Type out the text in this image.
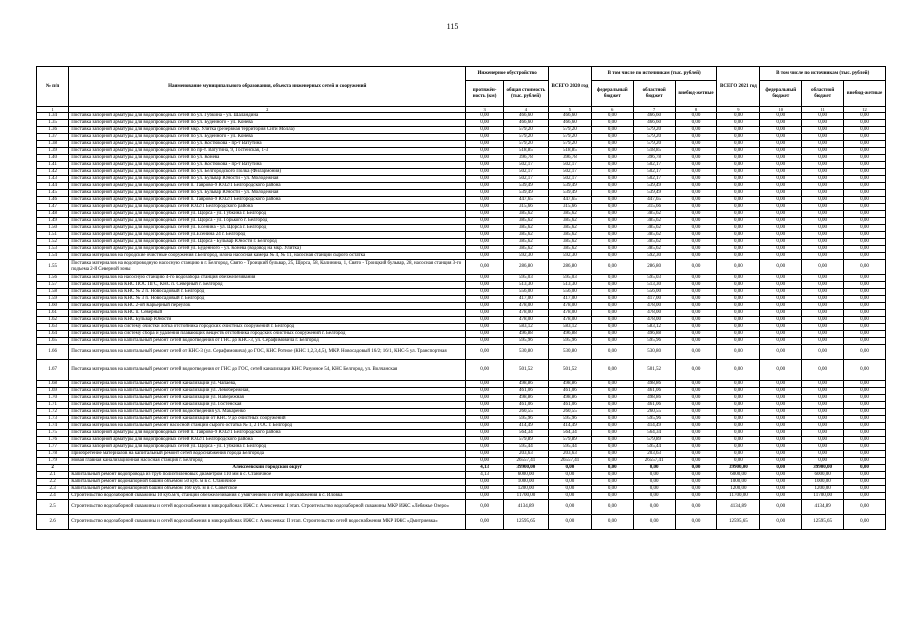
115
№ п/п	Наименование муниципального образования, объекта инженерных сетей и сооружений	Инженерное обустройство		ВСЕГО 2020 год	В том числе по источникам (тыс. рублей)			ВСЕГО 2021 год	В том числе по источникам (тыс. рублей)		
		протяжён-ность (км)	общая стоимость (тыс. рублей)		федеральный бюджет	областной бюджет	внебюд-жетные		федеральный бюджет	областной бюджет	внебюд-жетные
1	2	3	4	5	6	7	8	9	10	11	12
1.34	Поставка запорной арматуры для водопроводных сетей по ул. Губкина - ул. Шаландина	0,00	466,60	466,60	0,00	466,60	0,00	0,00	0,00	0,00	0,00
1.35	Поставка запорной арматуры для водопроводных сетей по ул. Буденного - ул. Конева	0,00	466,60	466,60	0,00	466,60	0,00	0,00	0,00	0,00	0,00
1.36	Поставка запорной арматуры для водопроводных сетей мкр. Улитка (резервная территория Сити Молла)	0,00	579,20	579,20	0,00	579,20	0,00	0,00	0,00	0,00	0,00
1.37	Поставка запорной арматуры для водопроводных сетей по ул. Буденного - ул. Конева	0,00	579,20	579,20	0,00	579,20	0,00	0,00	0,00	0,00	0,00
1.38	Поставка запорной арматуры для водопроводных сетей по ул. Костюкова - пр-т Ватутина	0,00	579,20	579,20	0,00	579,20	0,00	0,00	0,00	0,00	0,00
1.39	Поставка запорной арматуры для водопроводных сетей по пр-т. Ватутина, 9, Гостенская, 1-3	0,00	518,85	518,85	0,00	518,85	0,00	0,00	0,00	0,00	0,00
1.40	Поставка запорной арматуры для водопроводных сетей по ул. Конева	0,00	396,78	396,78	0,00	396,78	0,00	0,00	0,00	0,00	0,00
1.41	Поставка запорной арматуры для водопроводных сетей по ул. Костюкова - пр-т Ватутина	0,00	502,17	502,17	0,00	502,17	0,00	0,00	0,00	0,00	0,00
1.42	Поставка запорной арматуры для водопроводных сетей по ул. Белгородского Полка (Филармония)	0,00	502,17	502,17	0,00	502,17	0,00	0,00	0,00	0,00	0,00
1.43	Поставка запорной арматуры для водопроводных сетей по ул. Бульвар Юности - ул. Молодежная	0,00	502,17	502,17	0,00	502,17	0,00	0,00	0,00	0,00	0,00
1.44	Поставка запорной арматуры для водопроводных сетей п. Таврово-9 ЮЗ2/1 Белгородского района	0,00	539,49	539,49	0,00	539,49	0,00	0,00	0,00	0,00	0,00
1.45	Поставка запорной арматуры для водопроводных сетей по ул. Бульвар Юности - ул. Молодежная	0,00	539,49	539,49	0,00	539,49	0,00	0,00	0,00	0,00	0,00
1.46	Поставка запорной арматуры для водопроводных сетей п. Таврово-9 ЮЗ2/1 Белгородского района	0,00	447,65	447,65	0,00	447,65	0,00	0,00	0,00	0,00	0,00
1.47	Поставка запорной арматуры для водопроводных сетей ЮЗ2/1 Белгородского района	0,00	315,66	315,66	0,00	315,66	0,00	0,00	0,00	0,00	0,00
1.48	Поставка запорной арматуры для водопроводных сетей ул. Щорса - ул. Губкина г. Белгород	0,00	385,62	385,62	0,00	385,62	0,00	0,00	0,00	0,00	0,00
1.49	Поставка запорной арматуры для водопроводных сетей ул. Щорса - ул. Горького г. Белгород	0,00	385,62	385,62	0,00	385,62	0,00	0,00	0,00	0,00	0,00
1.50	Поставка запорной арматуры для водопроводных сетей ул. Есенина - ул. Щорса г. Белгород	0,00	385,62	385,62	0,00	385,62	0,00	0,00	0,00	0,00	0,00
1.51	Поставка запорной арматуры для водопроводных сетей ул.Есенина 24 г. Белгород	0,00	385,62	385,62	0,00	385,62	0,00	0,00	0,00	0,00	0,00
1.52	Поставка запорной арматуры для водопроводных сетей ул. Щорса - Бульвар Юности г. Белгород	0,00	385,62	385,62	0,00	385,62	0,00	0,00	0,00	0,00	0,00
1.53	Поставка запорной арматуры для водопроводных сетей ул. Буденного - ул. Конева (водовод на мкр. Улитка)	0,00	385,62	385,62	0,00	385,62	0,00	0,00	0,00	0,00	0,00
1.54	Поставка материалов на городские очистные сооружения г.Белгород, илона насосная камера № 4, № 11, насосная станции сырого остатка	0,00	592,30	592,30	0,00	592,30	0,00	0,00	0,00	0,00	0,00
1.55	Поставка материалов на водопроводную насосную станцию в г. Белгород, Свято - Троицкий бульвар, 25, Щорса, 58, Калинина, 1, Свято - Троицкий бульвар, 28, насосная станция 3-го подъема 2-й Северной зоны	0,00	286,80	286,80	0,00	286,80	0,00	0,00	0,00	0,00	0,00
1.56	Поставка материалов на насосную станцию 4-го водозабора станция обезжелезивания	0,00	595,03	595,03	0,00	595,03	0,00	0,00	0,00	0,00	0,00
1.57	Поставка материалов на КНС ПОС ПГС, КНС п. Северный г. Белгород	0,00	513,30	513,30	0,00	513,30	0,00	0,00	0,00	0,00	0,00
1.58	Поставка материалов на КНС № 2 п. Новосадовый г. Белгород	0,00	556,00	556,00	0,00	556,00	0,00	0,00	0,00	0,00	0,00
1.59	Поставка материалов на КНС № 3 п. Новосадовый г. Белгород	0,00	417,00	417,00	0,00	417,00	0,00	0,00	0,00	0,00	0,00
1.60	Поставка материалов на КНС 2-ой Карьерный переулок	0,00	478,00	478,00	0,00	478,00	0,00	0,00	0,00	0,00	0,00
1.61	Поставка материалов на КНС п. Северный	0,00	478,00	478,00	0,00	478,00	0,00	0,00	0,00	0,00	0,00
1.62	Поставка материалов на КНС Бульвар Юности	0,00	478,00	478,00	0,00	478,00	0,00	0,00	0,00	0,00	0,00
1.63	Поставка материалов на систему очистки лотка отстойника городских очистных сооружений г. Белгород	0,00	583,12	583,12	0,00	583,12	0,00	0,00	0,00	0,00	0,00
1.64	Поставка материалов на систему сбора и удаления плавающих веществ отстойника городских очистных сооружений г. Белгород	0,00	496,88	496,88	0,00	496,88	0,00	0,00	0,00	0,00	0,00
1.65	Поставка материалов на капитальный ремонт сетей водоотведения от ГНС до КНС-3, ул. Серафимовича г. Белгород	0,00	595,96	595,96	0,00	595,96	0,00	0,00	0,00	0,00	0,00
1.66	Поставка материалов на капитальный ремонт сетей от КНС-3 (ул. Серафимовича) до ГОС, КНС Ротное (КНС 1,2,3,4,5), МКР. Новосадовый 16/2; 16/1, КНС-5 ул. Транспортная	0,00	530,80	530,80	0,00	530,80	0,00	0,00	0,00	0,00	0,00
1.67	Поставка материалов на капитальный ремонт сетей водоотведения от ГНС до ГОС, сетей канализации КНС Разумное 54, КНС Белгород, ул. Волчанская	0,00	501,52	501,52	0,00	501,52	0,00	0,00	0,00	0,00	0,00
1.68	Поставка материалов на капитальный ремонт сетей канализации ул. Чапаева,	0,00	498,86	498,86	0,00	498,86	0,00	0,00	0,00	0,00	0,00
1.69	Поставка материалов на капитальный ремонт сетей канализации ул. Левобережная,	0,00	461,06	461,06	0,00	461,06	0,00	0,00	0,00	0,00	0,00
1.70	Поставка материалов на капитальный ремонт сетей канализации ул. Набережная	0,00	498,86	498,86	0,00	498,86	0,00	0,00	0,00	0,00	0,00
1.71	Поставка материалов на капитальный ремонт сетей канализации ул. Гостенская	0,00	461,06	461,06	0,00	461,06	0,00	0,00	0,00	0,00	0,00
1.72	Поставка материалов на капитальный ремонт сетей водоотведения ул. Макаренко	0,00	260,55	260,55	0,00	260,55	0,00	0,00	0,00	0,00	0,00
1.73	Поставка материалов на капитальный ремонт сетей канализации от КНС 9 до очистных сооружений	0,00	595,96	595,96	0,00	595,96	0,00	0,00	0,00	0,00	0,00
1.74	Поставка материалов на капитальный ремонт насосной станции сырого остатка № 1, 2 ГОС г. Белгород	0,00	414,49	414,49	0,00	414,49	0,00	0,00	0,00	0,00	0,00
1.75	Поставка запорной арматуры для водопроводных сетей п. Таврово-9 ЮЗ2/1 Белгородского района	0,00	564,34	564,34	0,00	564,34	0,00	0,00	0,00	0,00	0,00
1.76	Поставка запорной арматуры для водопроводных сетей ЮЗ2/1 Белгородского района	0,00	579,89	579,89	0,00	579,89	0,00	0,00	0,00	0,00	0,00
1.77	Поставка запорной арматуры для водопроводных сетей ул. Щорса - ул. Губкина г. Белгород	0,00	595,44	595,44	0,00	595,44	0,00	0,00	0,00	0,00	0,00
1.78	Приобретение материалов на капитальный ремонт сетей водоснабжения города Белгорода	0,00	203,63	203,63	0,00	203,63	0,00	0,00	0,00	0,00	0,00
1.79	Новая главная канализационная насосная станция г. Белгород	0,00	26557,41	26557,41	0,00	26557,41	0,00	0,00	0,00	0,00	0,00
2	Алексеевский городской округ	4,13	39900,00	0,00	0,00	0,00	0,00	39900,00	0,00	39900,00	0,00
2.1	Капитальный ремонт водопровода из труб полиэтиленовых диаметром 110 мм в с. Станичное	4,13	6000,00	0,00	0,00	0,00	0,00	6000,00	0,00	6000,00	0,00
2.2	Капитальный ремонт водонапорной башни объемом 50 куб. м в с. Станичное	0,00	1000,00	0,00	0,00	0,00	0,00	1000,00	0,00	1000,00	0,00
2.3	Капитальный ремонт водонапорной башни объемом 160 куб. м в с. Советское	0,00	1200,00	0,00	0,00	0,00	0,00	1200,00	0,00	1200,00	0,00
2.4	Строительство водозаборной скважины 10 куб.м/ч, станции обезжелезивания с умягчением и сетей водоснабжения в с. Иловка	0,00	11700,00	0,00	0,00	0,00	0,00	11700,00	0,00	11700,00	0,00
2.5	Строительство водозаборной скважины и сетей водоснабжения в микрорайонах ИЖС г. Алексеевка: I этап. Строительство водозаборной скважины МКР ИЖС «Лебяжье Озеро»	0,00	4134,89	0,00	0,00	0,00	0,00	4134,89	0,00	4134,89	0,00
2.6	Строительство водозаборной скважины и сетей водоснабжения в микрорайонах ИЖС г. Алексеевка: II этап. Строительство сетей водоснабжения МКР ИЖС «Дмитриевка»	0,00	12595,65	0,00	0,00	0,00	0,00	12595,65	0,00	12595,65	0,00
